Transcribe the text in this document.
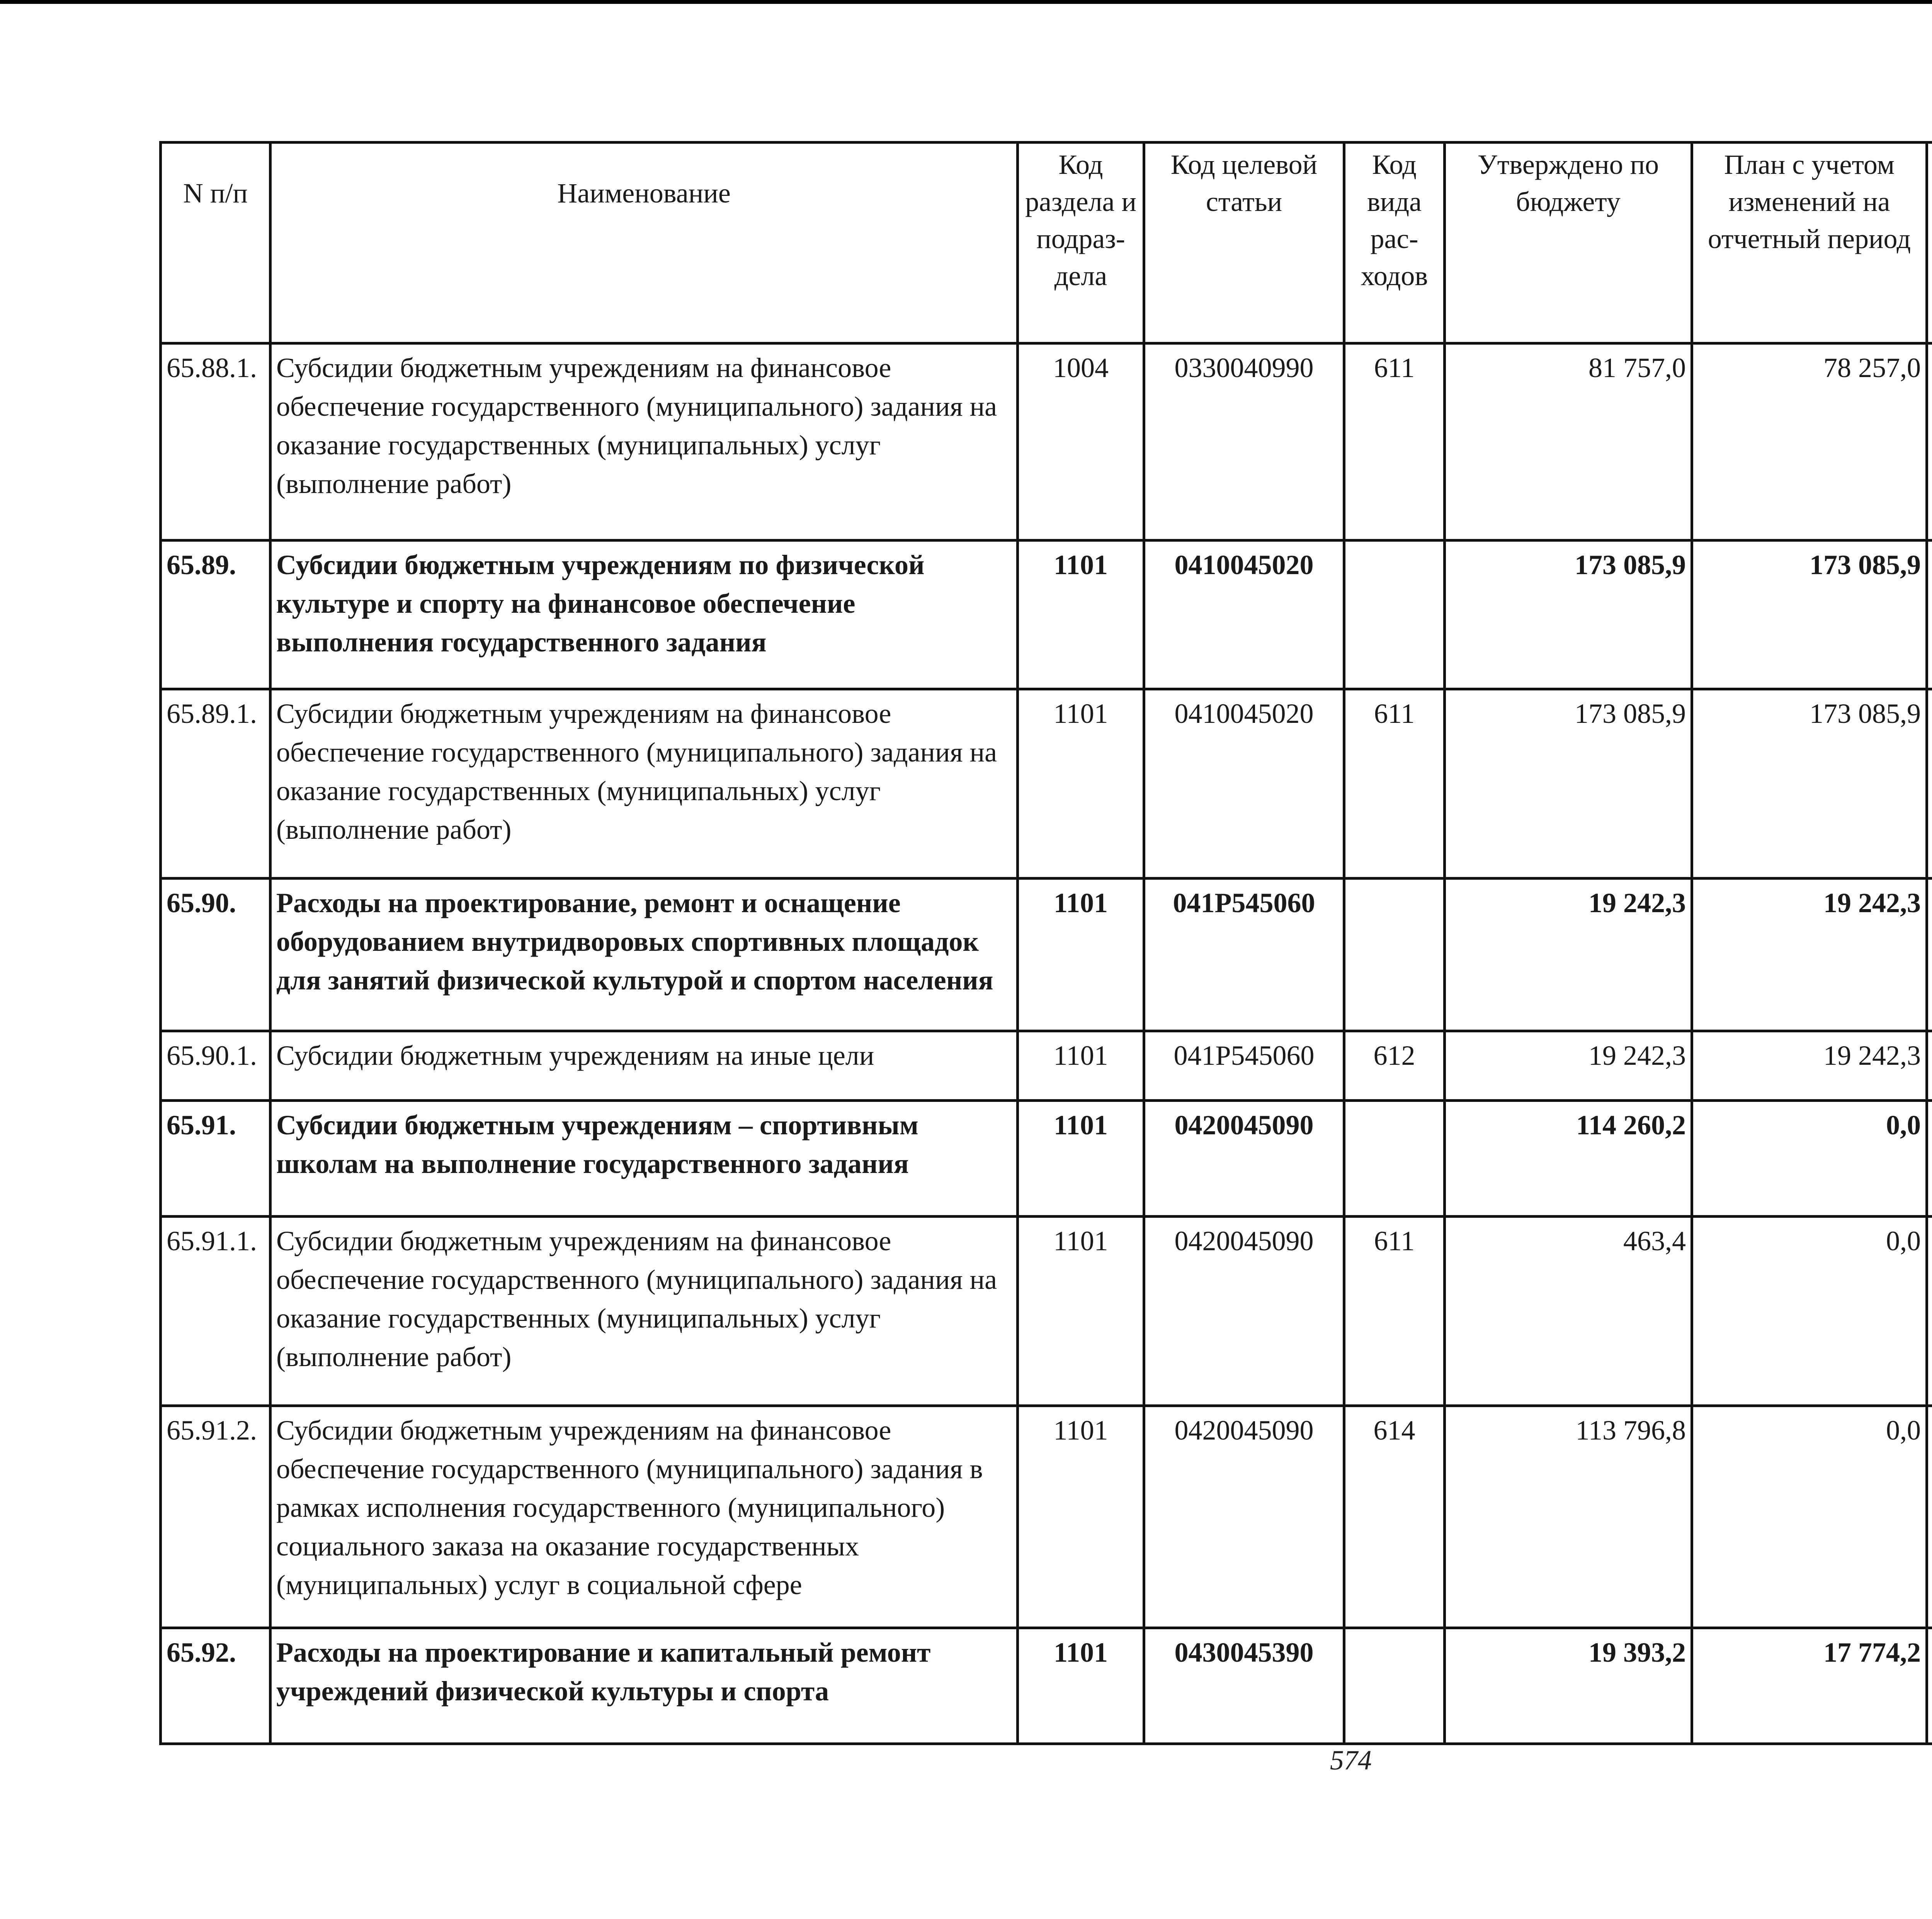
N п/п	Наименование	Код раздела и подраз-дела	Код целевой статьи	Код вида рас-ходов	Утверждено по бюджету	План с учетом изменений на отчетный период		

65.88.1.	Субсидии бюджетным учреждениям на финансовое обеспечение государственного (муниципального) задания на оказание государственных (муниципальных) услуг (выполнение работ)	1004	0330040990	611	81 757,0	78 257,0			
65.89.	Субсидии бюджетным учреждениям по физической культуре и спорту на финансовое обеспечение выполнения государственного задания	1101	0410045020		173 085,9	173 085,9			
65.89.1.	Субсидии бюджетным учреждениям на финансовое обеспечение государственного (муниципального) задания на оказание государственных (муниципальных) услуг (выполнение работ)	1101	0410045020	611	173 085,9	173 085,9			
65.90.	Расходы на проектирование, ремонт и оснащение оборудованием внутридворовых спортивных площадок для занятий физической культурой и спортом населения	1101	041P545060		19 242,3	19 242,3			
65.90.1.	Субсидии бюджетным учреждениям на иные цели	1101	041P545060	612	19 242,3	19 242,3			
65.91.	Субсидии бюджетным учреждениям – спортивным школам на выполнение государственного задания	1101	0420045090		114 260,2	0,0			
65.91.1.	Субсидии бюджетным учреждениям на финансовое обеспечение государственного (муниципального) задания на оказание государственных (муниципальных) услуг (выполнение работ)	1101	0420045090	611	463,4	0,0			
65.91.2.	Субсидии бюджетным учреждениям на финансовое обеспечение государственного (муниципального) задания в рамках исполнения государственного (муниципального) социального заказа на оказание государственных (муниципальных) услуг в социальной сфере	1101	0420045090	614	113 796,8	0,0			
65.92.	Расходы на проектирование и капитальный ремонт учреждений физической культуры и спорта	1101	0430045390		19 393,2	17 774,2			
574
